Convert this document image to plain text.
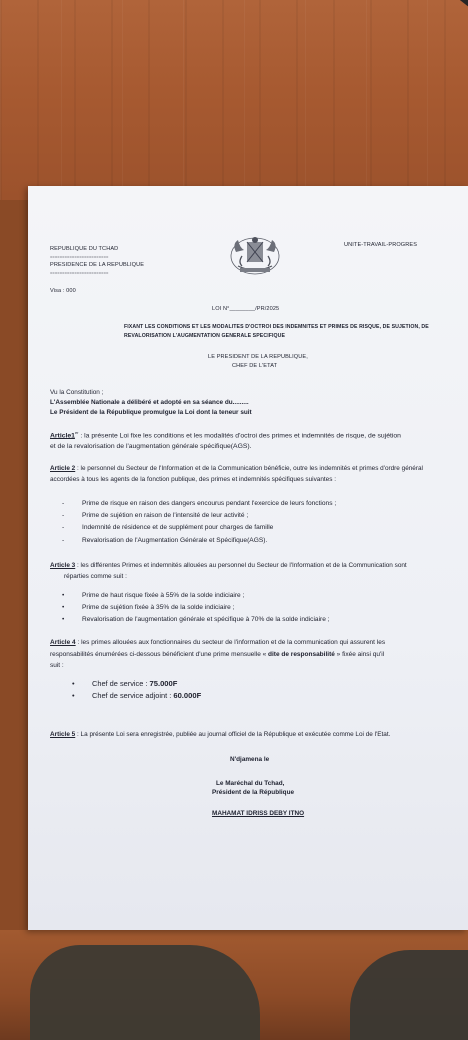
REPUBLIQUE DU TCHAD
========================
PRESIDENCE DE LA REPUBLIQUE
========================
Visa : 000
UNITE-TRAVAIL-PROGRES
LOI N°________/PR/2025
FIXANT LES CONDITIONS ET LES MODALITES D'OCTROI DES INDEMNITES ET PRIMES DE RISQUE, DE SUJETION, DE
REVALORISATION L'AUGMENTATION GENERALE SPECIFIQUE
LE PRESIDENT DE LA REPUBLIQUE,
CHEF DE L'ETAT
Vu la Constitution ;
L'Assemblée Nationale a délibéré et adopté en sa séance du.........
Le Président de la République promulgue la Loi dont la teneur suit
Article1er : la présente Loi fixe les conditions et les modalités d'octroi des primes et indemnités de risque, de sujétion
et de la revalorisation de l'augmentation générale spécifique(AGS).
Article 2 : le personnel du Secteur de l'Information et de la Communication bénéficie, outre les indemnités et primes d'ordre général
accordées à tous les agents de la fonction publique, des primes et indemnités spécifiques suivantes :
- Prime de risque en raison des dangers encourus pendant l'exercice de leurs fonctions ;
- Prime de sujétion en raison de l'intensité de leur activité ;
- Indemnité de résidence et de supplément pour charges de famille
- Revalorisation de l'Augmentation Générale et Spécifique(AGS).
Article 3 : les différentes Primes et indemnités allouées au personnel du Secteur de l'Information et de la Communication sont
réparties comme suit :
• Prime de haut risque fixée à 55% de la solde indiciaire ;
• Prime de sujétion fixée à 35% de la solde indiciaire ;
• Revalorisation de l'augmentation générale et spécifique à 70% de la solde indiciaire ;
Article 4 : les primes allouées aux fonctionnaires du secteur de l'information et de la communication qui assurent les
responsabilités énumérées ci-dessous bénéficient d'une prime mensuelle « dite de responsabilité » fixée ainsi qu'il
suit :
• Chef de service : 75.000F
• Chef de service adjoint : 60.000F
Article 5 : La présente Loi sera enregistrée, publiée au journal officiel de la République et exécutée comme Loi de l'Etat.
N'djamena le
Le Maréchal du Tchad,
Président de la République
MAHAMAT IDRISS DEBY ITNO
